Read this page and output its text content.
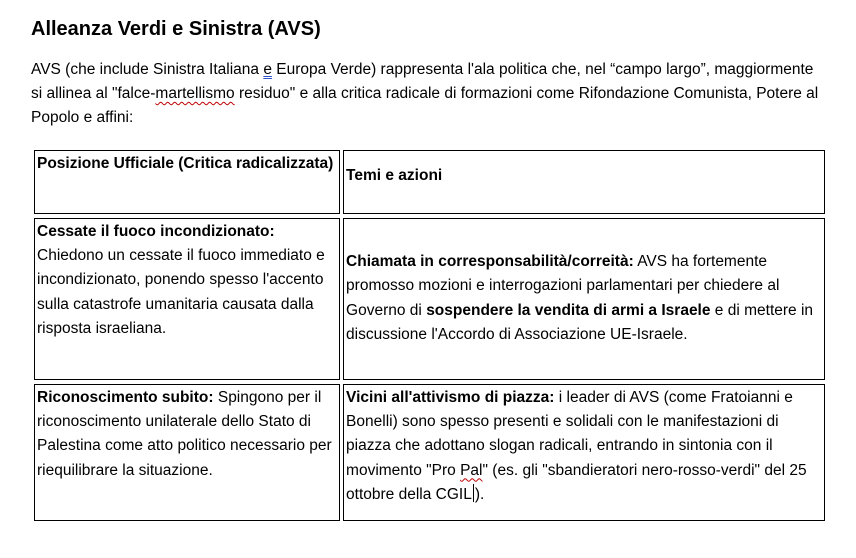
Alleanza Verdi e Sinistra (AVS)

AVS (che include Sinistra Italiana e Europa Verde) rappresenta l'ala politica che, nel “campo largo”, maggiormente si allinea al "falce-martellismo residuo" e alla critica radicale di formazioni come Rifondazione Comunista, Potere al Popolo e affini:

Posizione Ufficiale (Critica radicalizzata)	Temi e azioni
Cessate il fuoco incondizionato: Chiedono un cessate il fuoco immediato e incondizionato, ponendo spesso l'accento sulla catastrofe umanitaria causata dalla risposta israeliana.	Chiamata in corresponsabilità/correità: AVS ha fortemente promosso mozioni e interrogazioni parlamentari per chiedere al Governo di sospendere la vendita di armi a Israele e di mettere in discussione l'Accordo di Associazione UE-Israele.
Riconoscimento subito: Spingono per il riconoscimento unilaterale dello Stato di Palestina come atto politico necessario per riequilibrare la situazione.	Vicini all'attivismo di piazza: i leader di AVS (come Fratoianni e Bonelli) sono spesso presenti e solidali con le manifestazioni di piazza che adottano slogan radicali, entrando in sintonia con il movimento "Pro Pal" (es. gli "sbandieratori nero-rosso-verdi" del 25 ottobre della CGIL ).
